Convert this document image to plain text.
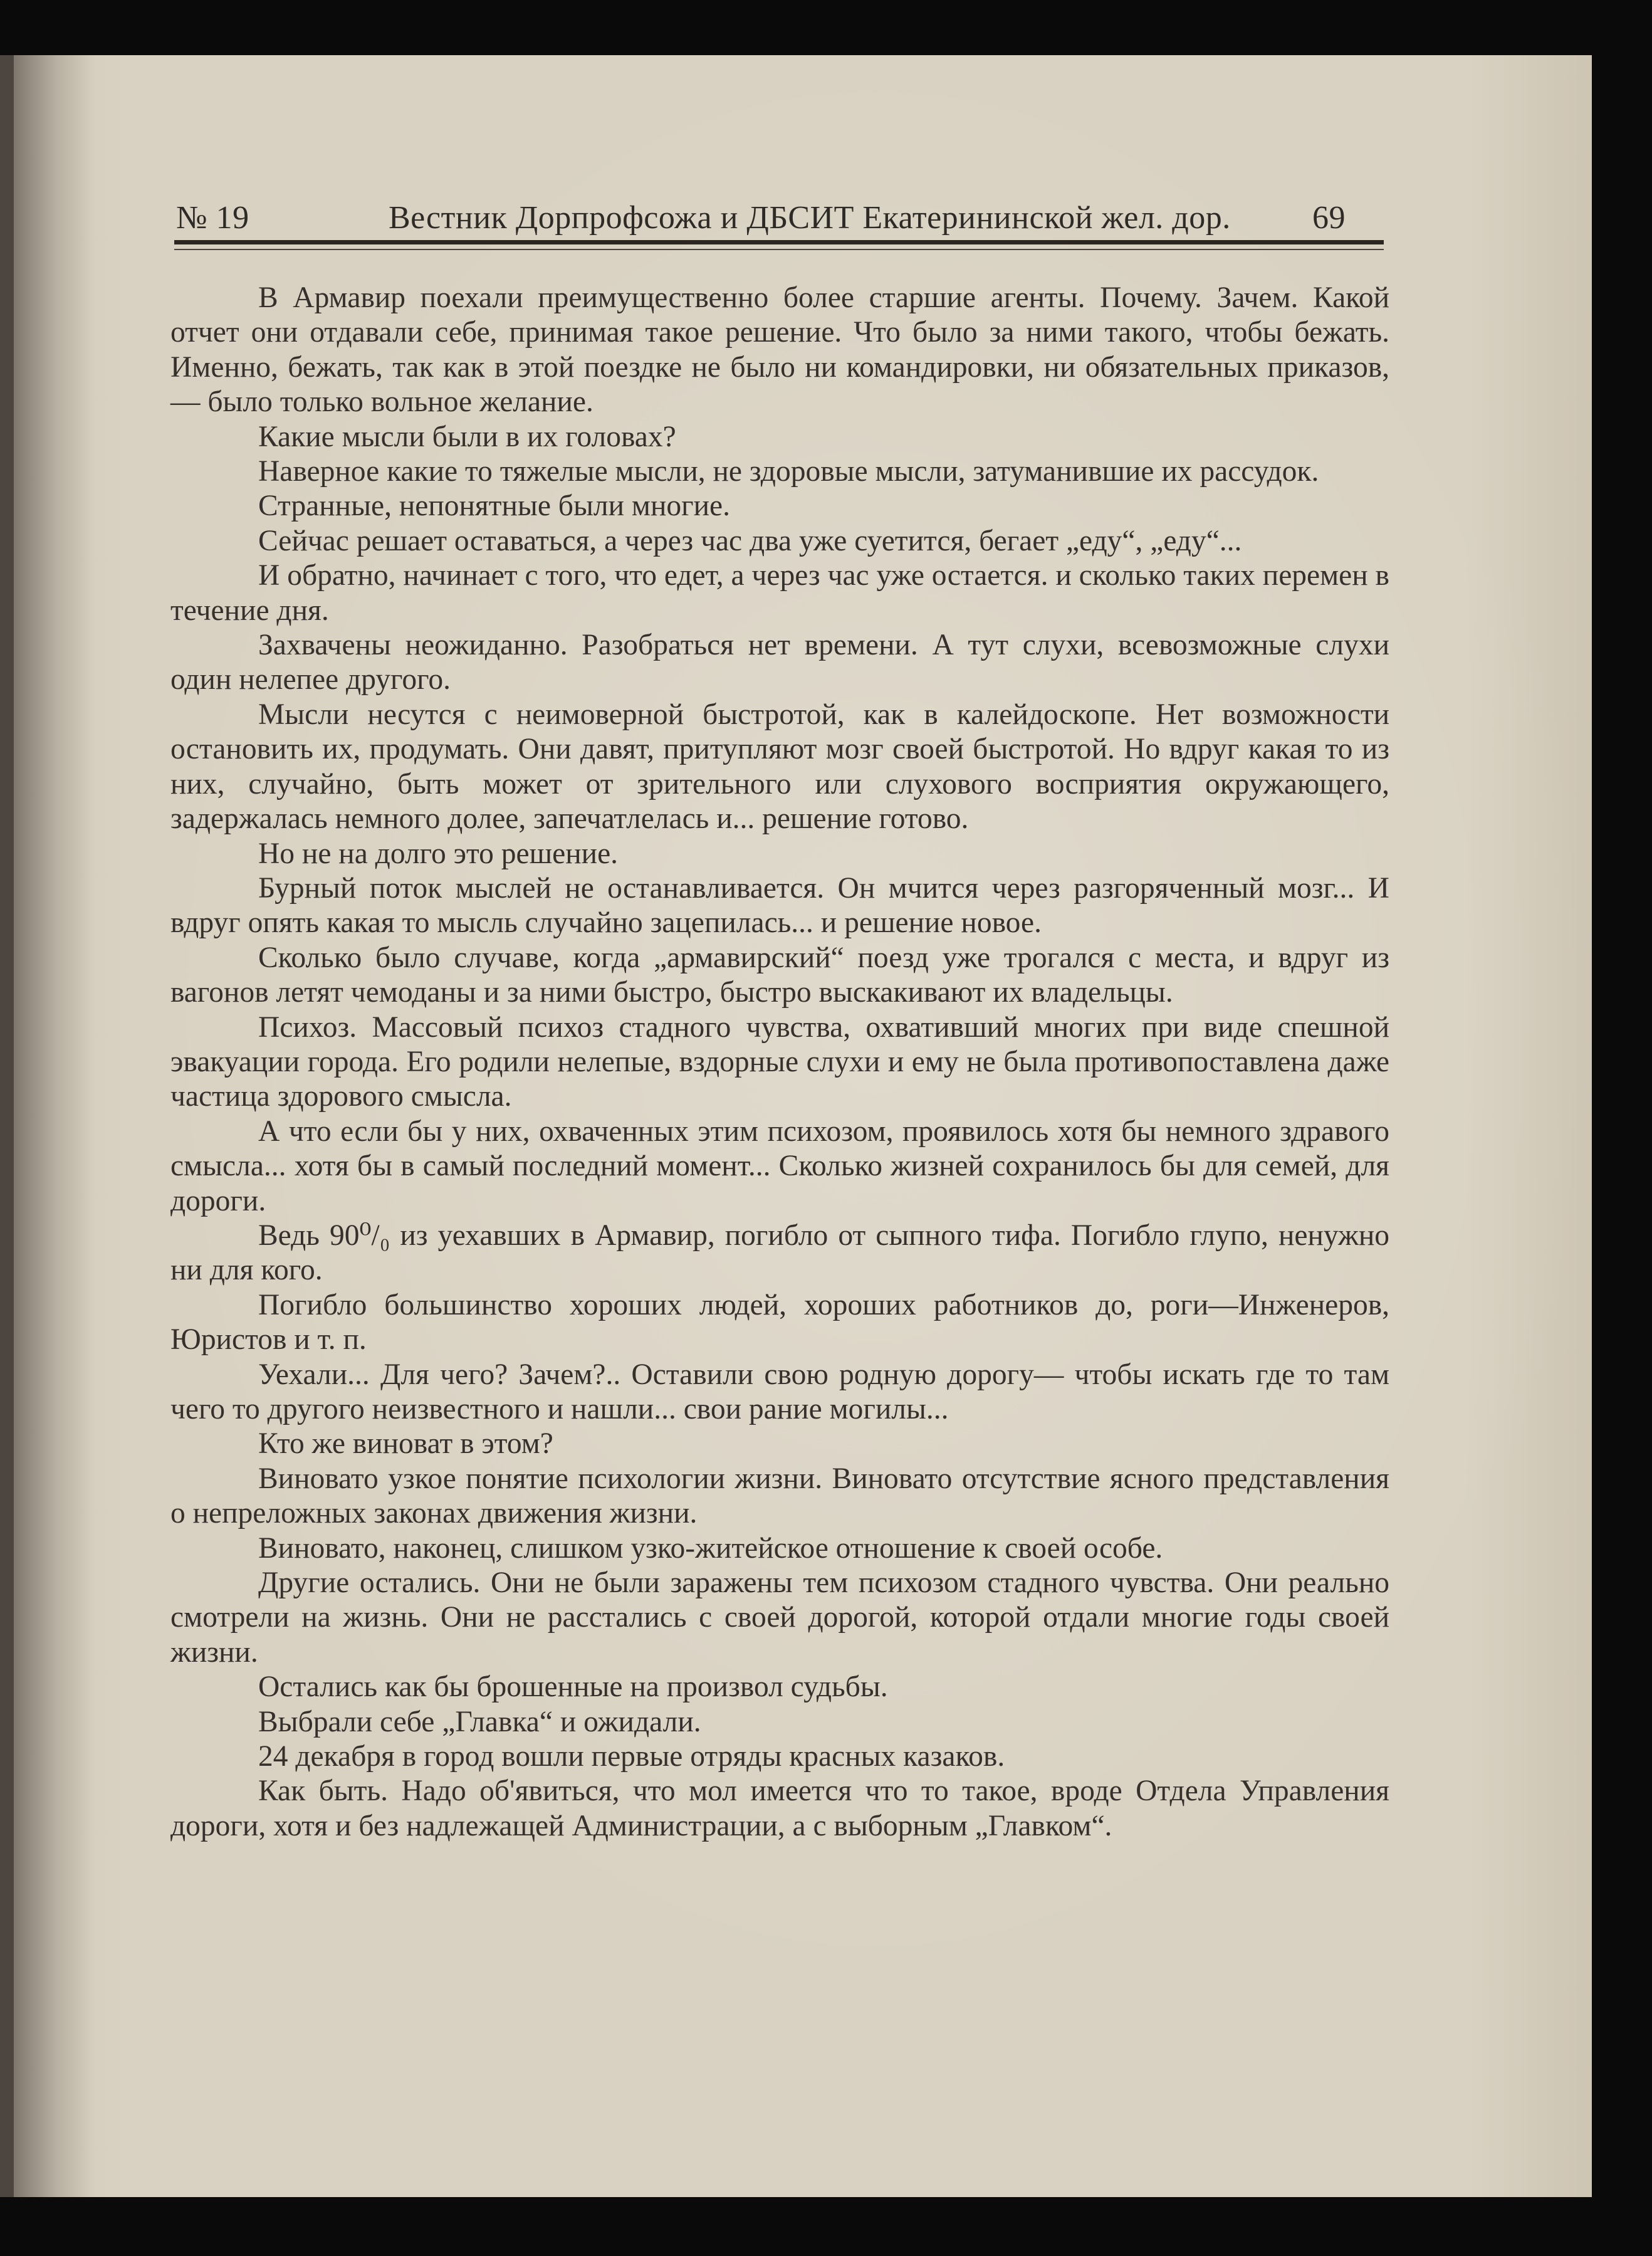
№ 19	Вестник Дорпрофсожа и ДБСИТ Екатерининской жел. дор.	69

В Армавир поехали преимущественно более старшие агенты. Почему. Зачем. Какой отчет они отдавали себе, принимая такое решение. Что было за ними такого, чтобы бежать. Именно, бежать, так как в этой поездке не было ни командировки, ни обязательных приказов,— было только вольное желание.

Какие мысли были в их головах?

Наверное какие то тяжелые мысли, не здоровые мысли, затуманившие их рассудок.

Странные, непонятные были многие.

Сейчас решает оставаться, а через час два уже суетится, бегает „еду“, „еду“...

И обратно, начинает с того, что едет, а через час уже остается. и сколько таких перемен в течение дня.

Захвачены неожиданно. Разобраться нет времени. А тут слухи, всевозможные слухи один нелепее другого.

Мысли несутся с неимоверной быстротой, как в калейдоскопе. Нет возможности остановить их, продумать. Они давят, притупляют мозг своей быстротой. Но вдруг какая то из них, случайно, быть может от зрительного или слухового восприятия окружающего, задержалась немного долее, запечатлелась и... решение готово.

Но не на долго это решение.

Бурный поток мыслей не останавливается. Он мчится через разгоряченный мозг... И вдруг опять какая то мысль случайно зацепилась... и решение новое.

Сколько было случаве, когда „армавирский“ поезд уже трогался с места, и вдруг из вагонов летят чемоданы и за ними быстро, быстро выскакивают их владельцы.

Психоз. Массовый психоз стадного чувства, охвативший многих при виде спешной эвакуации города. Его родили нелепые, вздорные слухи и ему не была противопоставлена даже частица здорового смысла.

А что если бы у них, охваченных этим психозом, проявилось хотя бы немного здравого смысла... хотя бы в самый последний момент... Сколько жизней сохранилось бы для семей, для дороги.

Ведь 90⁰/₀ из уехавших в Армавир, погибло от сыпного тифа. Погибло глупо, ненужно ни для кого.

Погибло большинство хороших людей, хороших работников до, роги—Инженеров, Юристов и т. п.

Уехали... Для чего? Зачем?.. Оставили свою родную дорогу— чтобы искать где то там чего то другого неизвестного и нашли... свои рание могилы...

Кто же виноват в этом?

Виновато узкое понятие психологии жизни. Виновато отсутствие ясного представления о непреложных законах движения жизни.

Виновато, наконец, слишком узко-житейское отношение к своей особе.

Другие остались. Они не были заражены тем психозом стадного чувства. Они реально смотрели на жизнь. Они не расстались с своей дорогой, которой отдали многие годы своей жизни.

Остались как бы брошенные на произвол судьбы.

Выбрали себе „Главка“ и ожидали.

24 декабря в город вошли первые отряды красных казаков.

Как быть. Надо об'явиться, что мол имеется что то такое, вроде Отдела Управления дороги, хотя и без надлежащей Администрации, а с выборным „Главком“.
